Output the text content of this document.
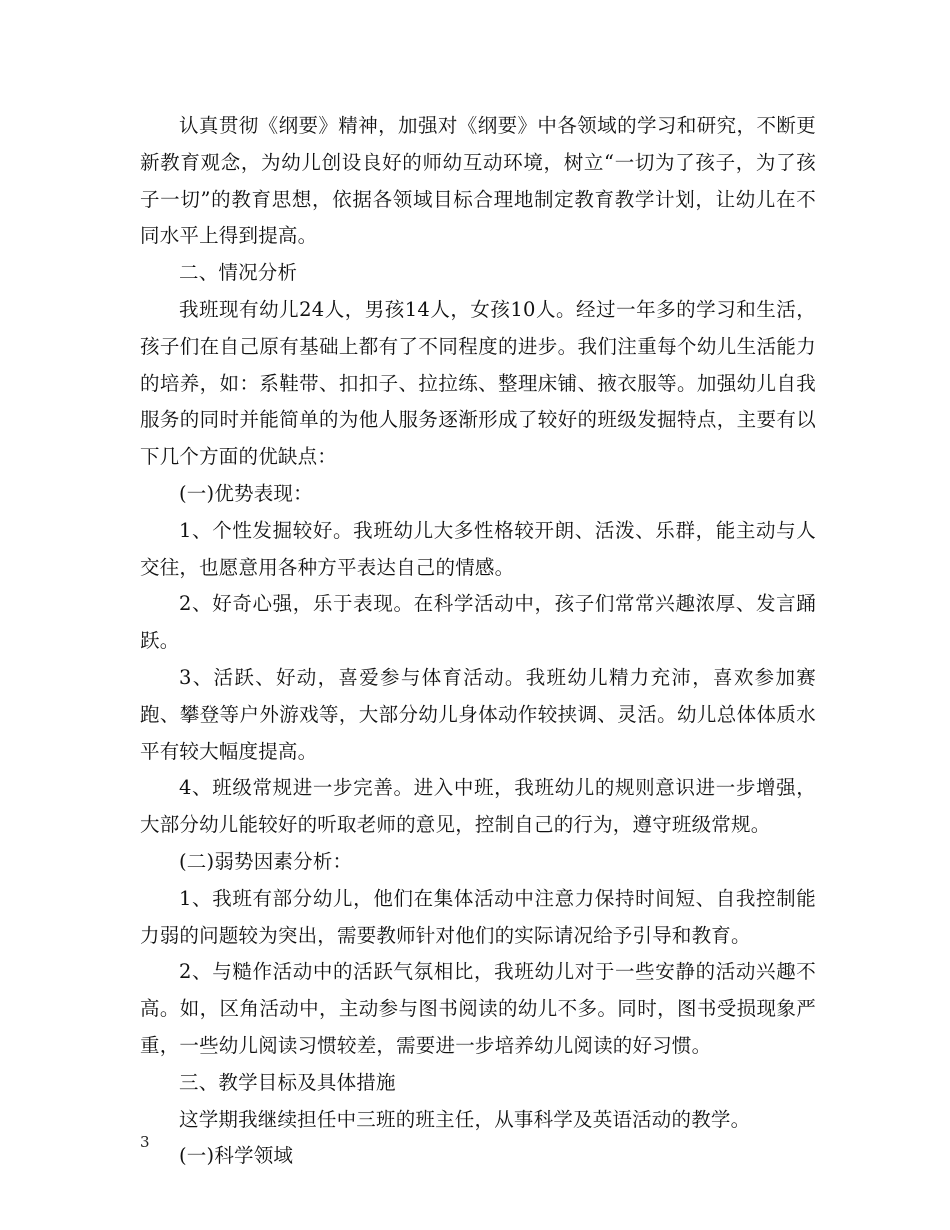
认真贯彻《纲要》精神，加强对《纲要》中各领域的学习和研究，不断更新教育观念，为幼儿创设良好的师幼互动环境，树立“一切为了孩子，为了孩子一切”的教育思想，依据各领域目标合理地制定教育教学计划，让幼儿在不同水平上得到提高。

二、情况分析

我班现有幼儿24人，男孩14人，女孩10人。经过一年多的学习和生活，孩子们在自己原有基础上都有了不同程度的进步。我们注重每个幼儿生活能力的培养，如：系鞋带、扣扣子、拉拉练、整理床铺、掖衣服等。加强幼儿自我服务的同时并能简单的为他人服务逐渐形成了较好的班级发掘特点，主要有以下几个方面的优缺点：

(一)优势表现：

1、个性发掘较好。我班幼儿大多性格较开朗、活泼、乐群，能主动与人交往，也愿意用各种方平表达自己的情感。

2、好奇心强，乐于表现。在科学活动中，孩子们常常兴趣浓厚、发言踊跃。

3、活跃、好动，喜爱参与体育活动。我班幼儿精力充沛，喜欢参加赛跑、攀登等户外游戏等，大部分幼儿身体动作较挟调、灵活。幼儿总体体质水平有较大幅度提高。

4、班级常规进一步完善。进入中班，我班幼儿的规则意识进一步增强，大部分幼儿能较好的听取老师的意见，控制自己的行为，遵守班级常规。

(二)弱势因素分析：

1、我班有部分幼儿，他们在集体活动中注意力保持时间短、自我控制能力弱的问题较为突出，需要教师针对他们的实际请况给予引导和教育。

2、与糙作活动中的活跃气氛相比，我班幼儿对于一些安静的活动兴趣不高。如，区角活动中，主动参与图书阅读的幼儿不多。同时，图书受损现象严重，一些幼儿阅读习惯较差，需要进一步培养幼儿阅读的好习惯。

三、教学目标及具体措施

这学期我继续担任中三班的班主任，从事科学及英语活动的教学。

(一)科学领域

3
